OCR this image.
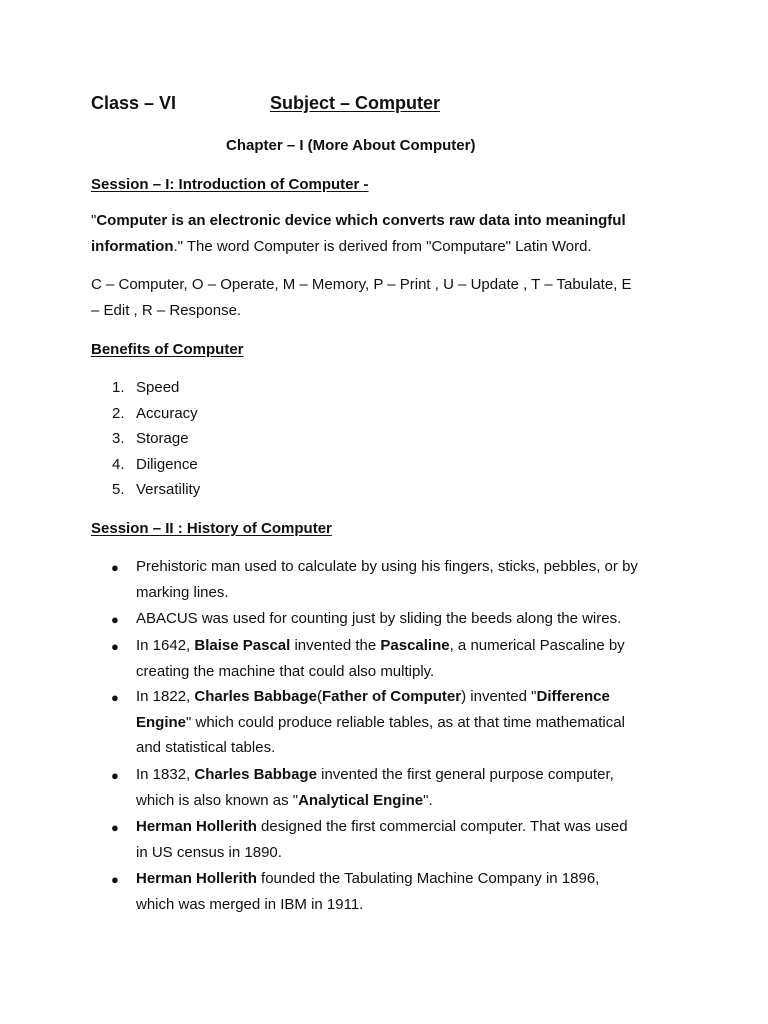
Class – VI	Subject – Computer
Chapter – I (More About Computer)
Session – I: Introduction of Computer -
"Computer is an electronic device which converts raw data into meaningful
information." The word Computer is derived from "Computare" Latin Word.
C – Computer, O – Operate, M – Memory, P – Print , U – Update , T – Tabulate, E
– Edit , R – Response.
Benefits of Computer
1. Speed
2. Accuracy
3. Storage
4. Diligence
5. Versatility
Session – II : History of Computer
● Prehistoric man used to calculate by using his fingers, sticks, pebbles, or by
marking lines.
● ABACUS was used for counting just by sliding the beeds along the wires.
● In 1642, Blaise Pascal invented the Pascaline, a numerical Pascaline by
creating the machine that could also multiply.
● In 1822, Charles Babbage(Father of Computer) invented "Difference
Engine" which could produce reliable tables, as at that time mathematical
and statistical tables.
● In 1832, Charles Babbage invented the first general purpose computer,
which is also known as "Analytical Engine".
● Herman Hollerith designed the first commercial computer. That was used
in US census in 1890.
● Herman Hollerith founded the Tabulating Machine Company in 1896,
which was merged in IBM in 1911.
